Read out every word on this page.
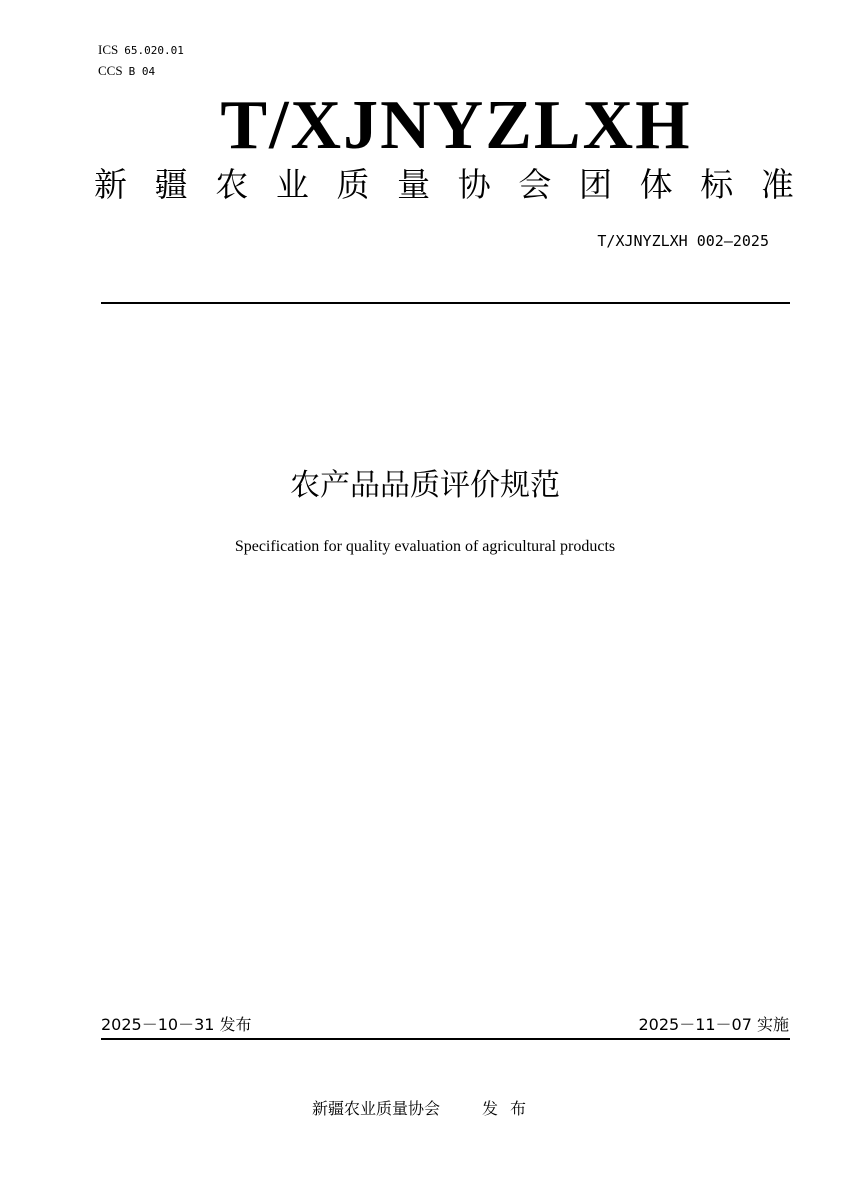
ICS 65.020.01
CCS B 04
T/XJNYZLXH
新 疆 农 业 质 量 协 会 团 体 标 准
T/XJNYZLXH 002—2025
农产品品质评价规范
Specification for quality evaluation of agricultural products
2025－10－31 发布	2025－11－07 实施
新疆农业质量协会	发布
